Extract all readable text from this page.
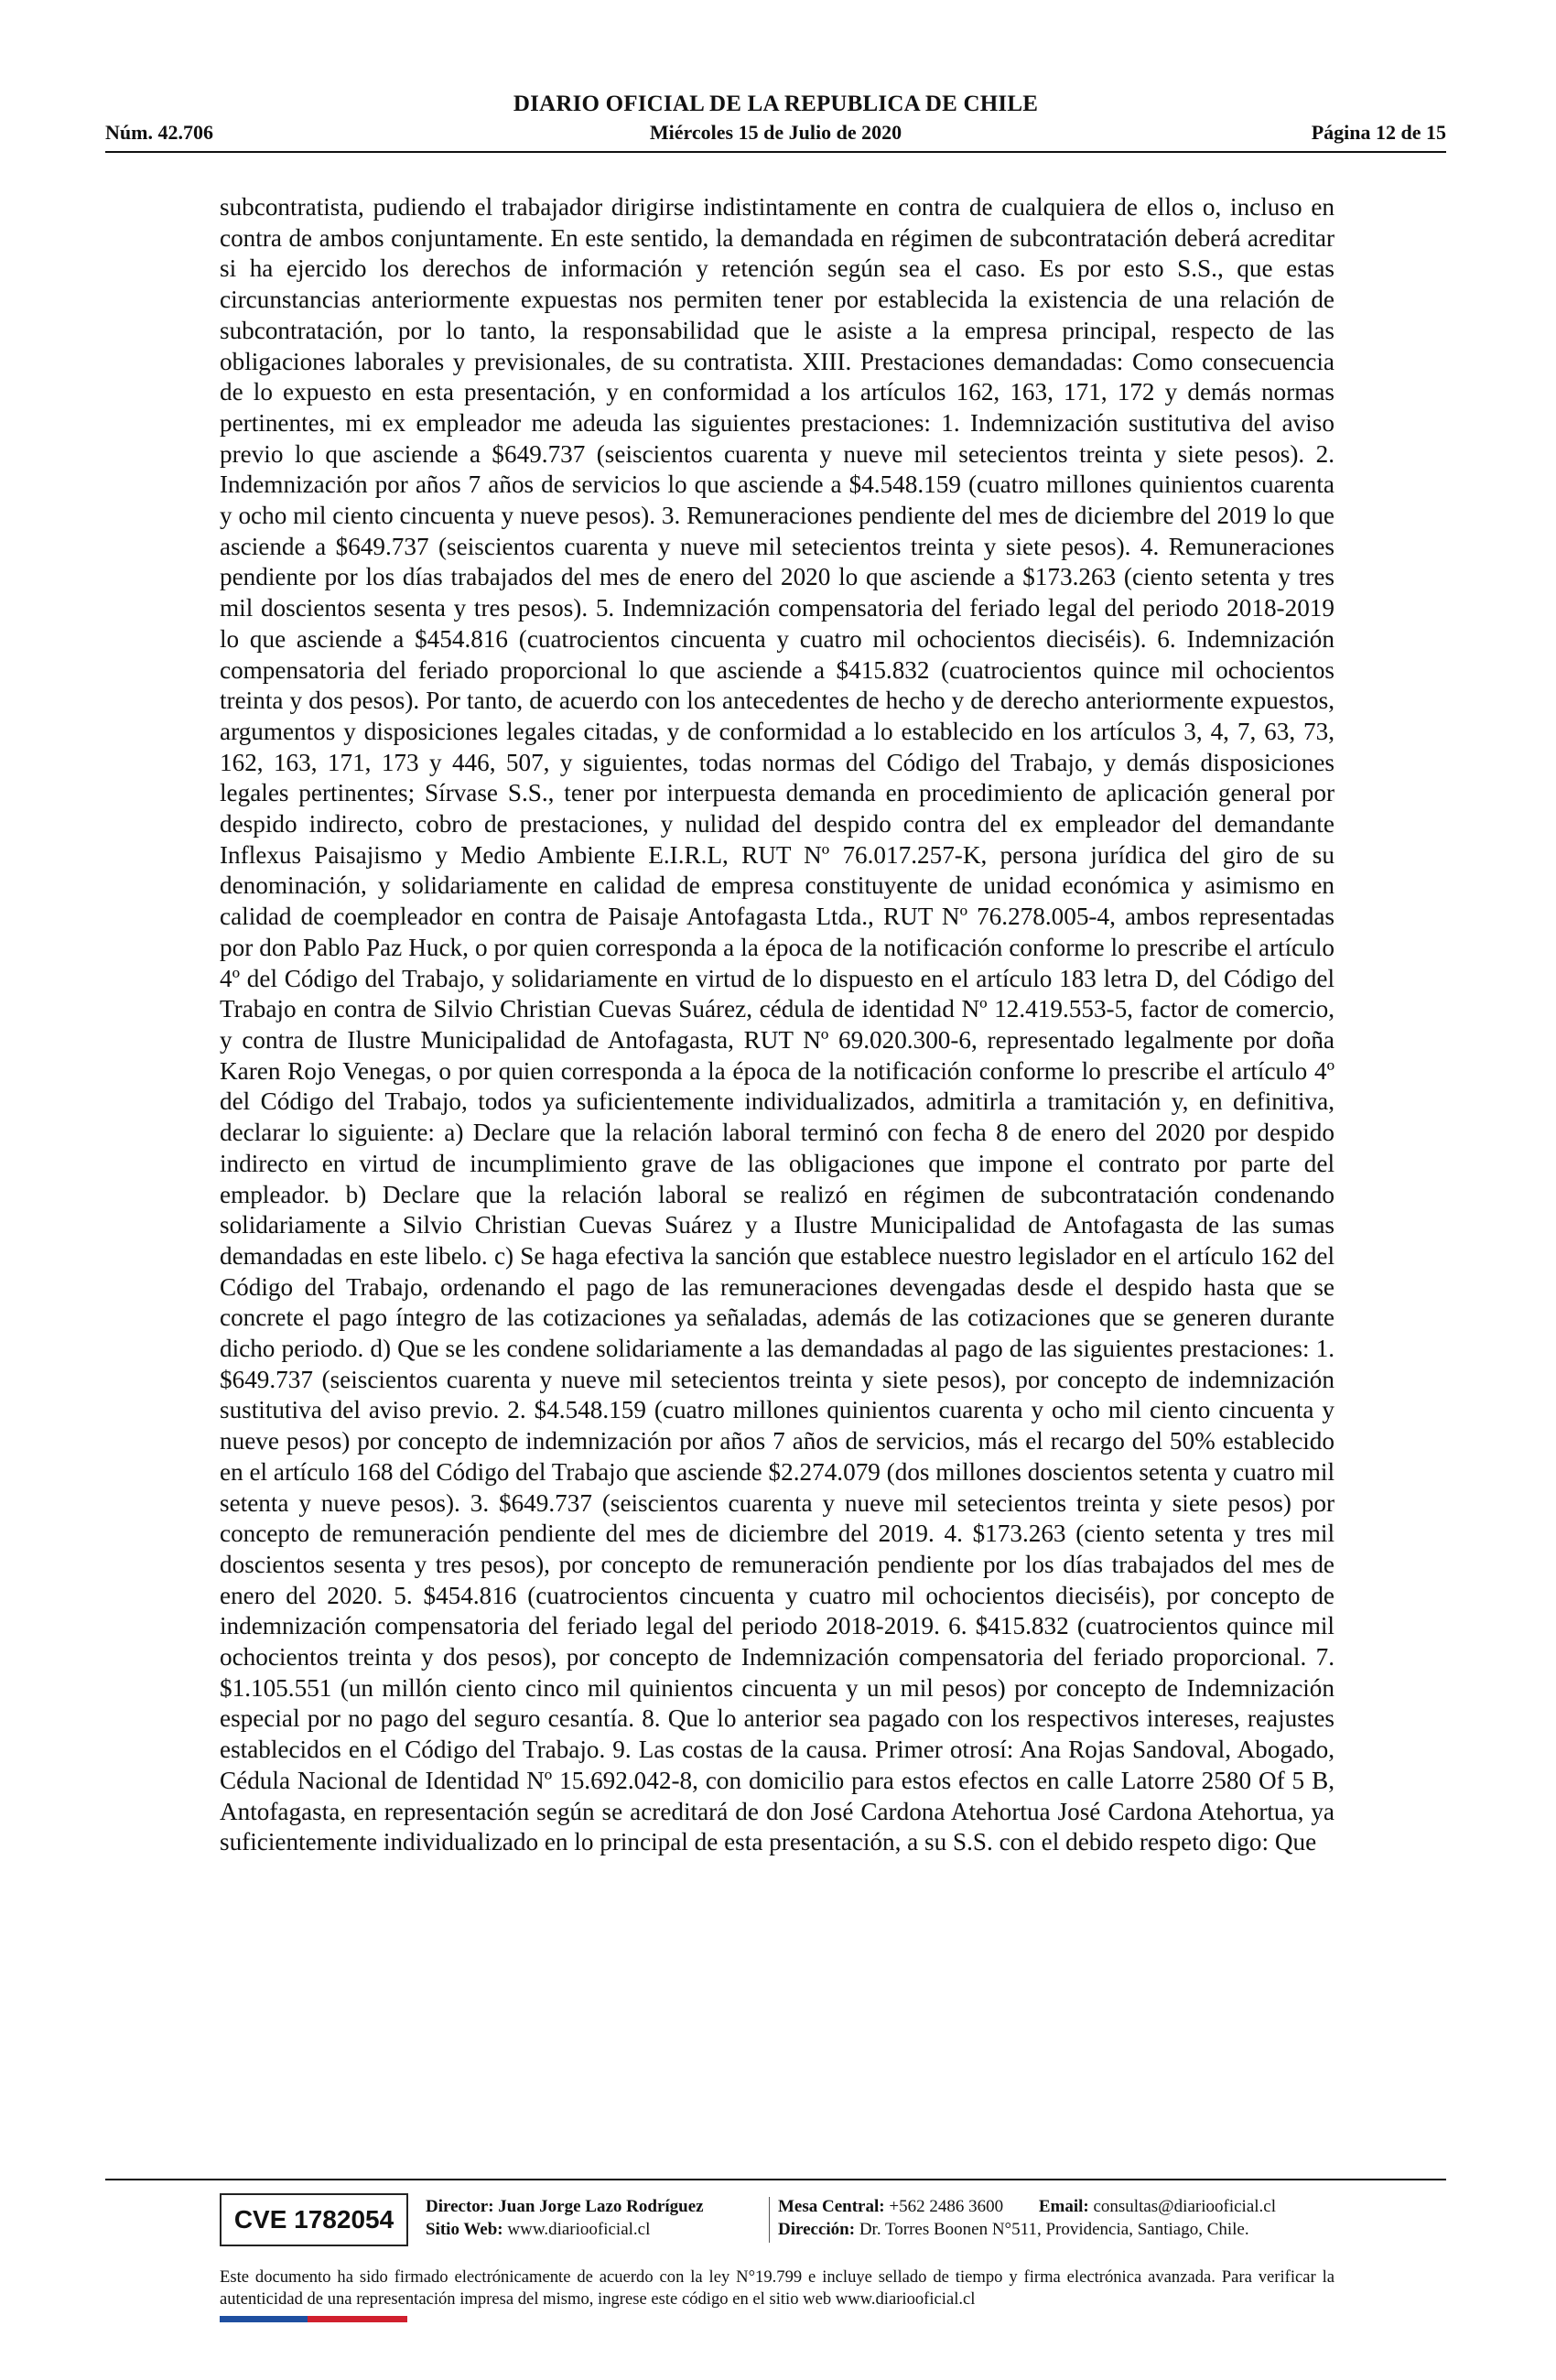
DIARIO OFICIAL DE LA REPUBLICA DE CHILE
Núm. 42.706	Miércoles 15 de Julio de 2020	Página 12 de 15

subcontratista, pudiendo el trabajador dirigirse indistintamente en contra de cualquiera de ellos o, incluso en contra de ambos conjuntamente. En este sentido, la demandada en régimen de subcontratación deberá acreditar si ha ejercido los derechos de información y retención según sea el caso. Es por esto S.S., que estas circunstancias anteriormente expuestas nos permiten tener por establecida la existencia de una relación de subcontratación, por lo tanto, la responsabilidad que le asiste a la empresa principal, respecto de las obligaciones laborales y previsionales, de su contratista. XIII. Prestaciones demandadas: Como consecuencia de lo expuesto en esta presentación, y en conformidad a los artículos 162, 163, 171, 172 y demás normas pertinentes, mi ex empleador me adeuda las siguientes prestaciones: 1. Indemnización sustitutiva del aviso previo lo que asciende a $649.737 (seiscientos cuarenta y nueve mil setecientos treinta y siete pesos). 2. Indemnización por años 7 años de servicios lo que asciende a $4.548.159 (cuatro millones quinientos cuarenta y ocho mil ciento cincuenta y nueve pesos). 3. Remuneraciones pendiente del mes de diciembre del 2019 lo que asciende a $649.737 (seiscientos cuarenta y nueve mil setecientos treinta y siete pesos). 4. Remuneraciones pendiente por los días trabajados del mes de enero del 2020 lo que asciende a $173.263 (ciento setenta y tres mil doscientos sesenta y tres pesos). 5. Indemnización compensatoria del feriado legal del periodo 2018-2019 lo que asciende a $454.816 (cuatrocientos cincuenta y cuatro mil ochocientos dieciséis). 6. Indemnización compensatoria del feriado proporcional lo que asciende a $415.832 (cuatrocientos quince mil ochocientos treinta y dos pesos). Por tanto, de acuerdo con los antecedentes de hecho y de derecho anteriormente expuestos, argumentos y disposiciones legales citadas, y de conformidad a lo establecido en los artículos 3, 4, 7, 63, 73, 162, 163, 171, 173 y 446, 507, y siguientes, todas normas del Código del Trabajo, y demás disposiciones legales pertinentes; Sírvase S.S., tener por interpuesta demanda en procedimiento de aplicación general por despido indirecto, cobro de prestaciones, y nulidad del despido contra del ex empleador del demandante Inflexus Paisajismo y Medio Ambiente E.I.R.L, RUT Nº 76.017.257-K, persona jurídica del giro de su denominación, y solidariamente en calidad de empresa constituyente de unidad económica y asimismo en calidad de coempleador en contra de Paisaje Antofagasta Ltda., RUT Nº 76.278.005-4, ambos representadas por don Pablo Paz Huck, o por quien corresponda a la época de la notificación conforme lo prescribe el artículo 4º del Código del Trabajo, y solidariamente en virtud de lo dispuesto en el artículo 183 letra D, del Código del Trabajo en contra de Silvio Christian Cuevas Suárez, cédula de identidad Nº 12.419.553-5, factor de comercio, y contra de Ilustre Municipalidad de Antofagasta, RUT Nº 69.020.300-6, representado legalmente por doña Karen Rojo Venegas, o por quien corresponda a la época de la notificación conforme lo prescribe el artículo 4º del Código del Trabajo, todos ya suficientemente individualizados, admitirla a tramitación y, en definitiva, declarar lo siguiente: a) Declare que la relación laboral terminó con fecha 8 de enero del 2020 por despido indirecto en virtud de incumplimiento grave de las obligaciones que impone el contrato por parte del empleador. b) Declare que la relación laboral se realizó en régimen de subcontratación condenando solidariamente a Silvio Christian Cuevas Suárez y a Ilustre Municipalidad de Antofagasta de las sumas demandadas en este libelo. c) Se haga efectiva la sanción que establece nuestro legislador en el artículo 162 del Código del Trabajo, ordenando el pago de las remuneraciones devengadas desde el despido hasta que se concrete el pago íntegro de las cotizaciones ya señaladas, además de las cotizaciones que se generen durante dicho periodo. d) Que se les condene solidariamente a las demandadas al pago de las siguientes prestaciones: 1. $649.737 (seiscientos cuarenta y nueve mil setecientos treinta y siete pesos), por concepto de indemnización sustitutiva del aviso previo. 2. $4.548.159 (cuatro millones quinientos cuarenta y ocho mil ciento cincuenta y nueve pesos) por concepto de indemnización por años 7 años de servicios, más el recargo del 50% establecido en el artículo 168 del Código del Trabajo que asciende $2.274.079 (dos millones doscientos setenta y cuatro mil setenta y nueve pesos). 3. $649.737 (seiscientos cuarenta y nueve mil setecientos treinta y siete pesos) por concepto de remuneración pendiente del mes de diciembre del 2019. 4. $173.263 (ciento setenta y tres mil doscientos sesenta y tres pesos), por concepto de remuneración pendiente por los días trabajados del mes de enero del 2020. 5. $454.816 (cuatrocientos cincuenta y cuatro mil ochocientos dieciséis), por concepto de indemnización compensatoria del feriado legal del periodo 2018-2019. 6. $415.832 (cuatrocientos quince mil ochocientos treinta y dos pesos), por concepto de Indemnización compensatoria del feriado proporcional. 7. $1.105.551 (un millón ciento cinco mil quinientos cincuenta y un mil pesos) por concepto de Indemnización especial por no pago del seguro cesantía. 8. Que lo anterior sea pagado con los respectivos intereses, reajustes establecidos en el Código del Trabajo. 9. Las costas de la causa. Primer otrosí: Ana Rojas Sandoval, Abogado, Cédula Nacional de Identidad Nº 15.692.042-8, con domicilio para estos efectos en calle Latorre 2580 Of 5 B, Antofagasta, en representación según se acreditará de don José Cardona Atehortua José Cardona Atehortua, ya suficientemente individualizado en lo principal de esta presentación, a su S.S. con el debido respeto digo: Que

CVE 1782054	Director: Juan Jorge Lazo Rodríguez
Sitio Web: www.diariooficial.cl
Mesa Central: +562 2486 3600 Email: consultas@diariooficial.cl
Dirección: Dr. Torres Boonen N°511, Providencia, Santiago, Chile.
Este documento ha sido firmado electrónicamente de acuerdo con la ley N°19.799 e incluye sellado de tiempo y firma electrónica avanzada. Para verificar la autenticidad de una representación impresa del mismo, ingrese este código en el sitio web www.diariooficial.cl
